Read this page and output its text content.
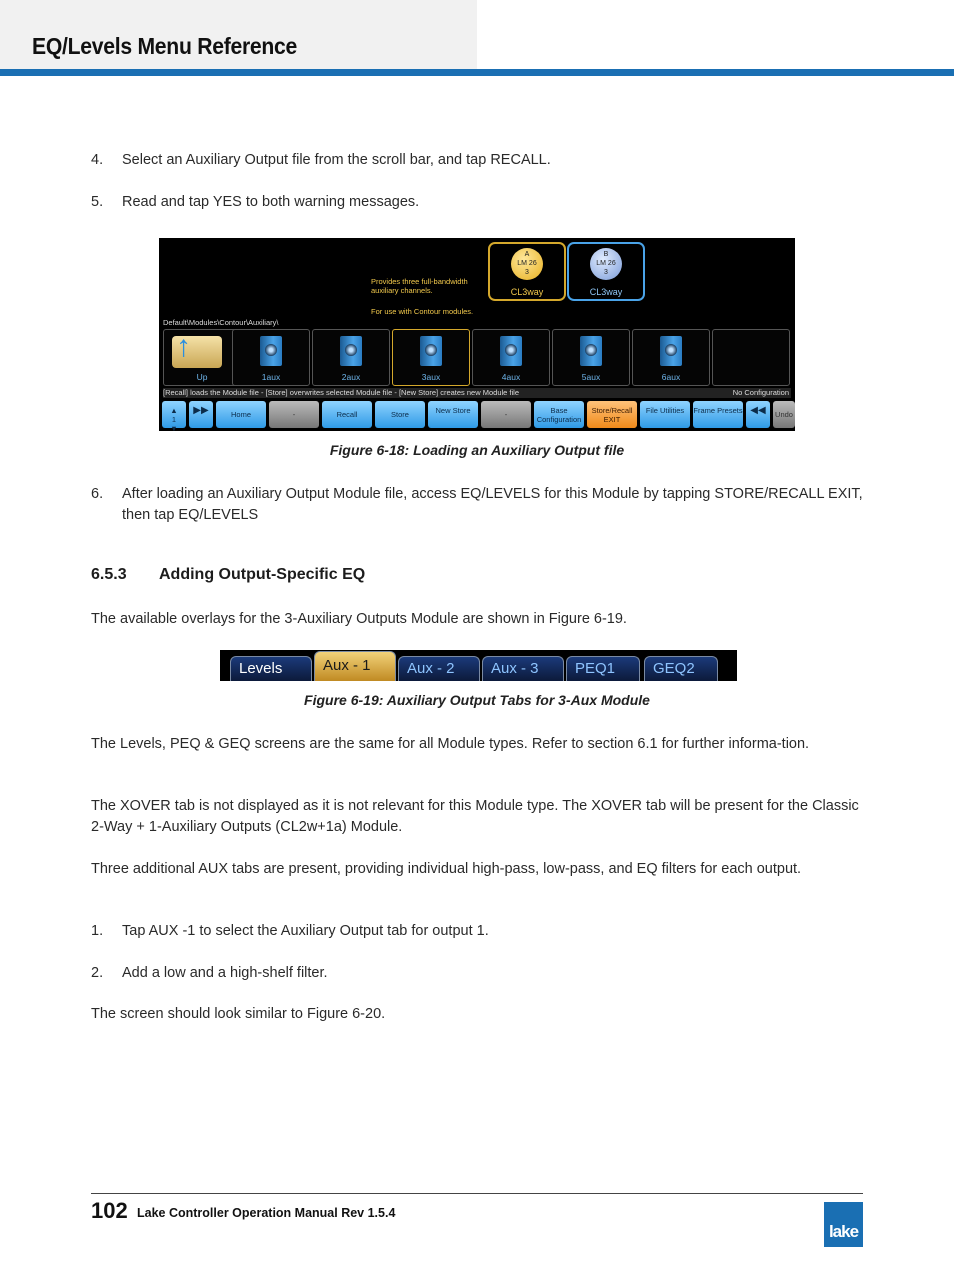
EQ/Levels Menu Reference
4. Select an Auxiliary Output file from the scroll bar, and tap RECALL.
5. Read and tap YES to both warning messages.
A
LM 26
3
CL3way
B
LM 26
3
CL3way
Provides three full-bandwidth
auxiliary channels.
For use with Contour modules.
Default\Modules\Contour\Auxiliary\
↑
Up	1aux	2aux	3aux	4aux	5aux	6aux
[Recall] loads the Module file - [Store] overwrites selected Module file - [New Store] creates new Module file	No Configuration
▲
1
▼
▶▶	Home	-	Recall	Store	New Store	-	Base Configuration
Store/Recall EXIT
File Utilities	Frame Presets ◀◀	Undo
Figure 6-18: Loading an Auxiliary Output file
6. After loading an Auxiliary Output Module file, access EQ/LEVELS for this Module by tapping STORE/RECALL EXIT, then tap EQ/LEVELS
6.5.3 Adding Output-Specific EQ
The available overlays for the 3-Auxiliary Outputs Module are shown in Figure 6-19.
Levels	Aux - 1	Aux - 2	Aux - 3	PEQ1	GEQ2
Figure 6-19: Auxiliary Output Tabs for 3-Aux Module
The Levels, PEQ & GEQ screens are the same for all Module types. Refer to section 6.1 for further informa-tion.
The XOVER tab is not displayed as it is not relevant for this Module type. The XOVER tab will be present for the Classic 2-Way + 1-Auxiliary Outputs (CL2w+1a) Module.
Three additional AUX tabs are present, providing individual high-pass, low-pass, and EQ filters for each output.
1. Tap AUX -1 to select the Auxiliary Output tab for output 1.
2. Add a low and a high-shelf filter.
The screen should look similar to Figure 6-20.
102 Lake Controller Operation Manual Rev 1.5.4
lake
